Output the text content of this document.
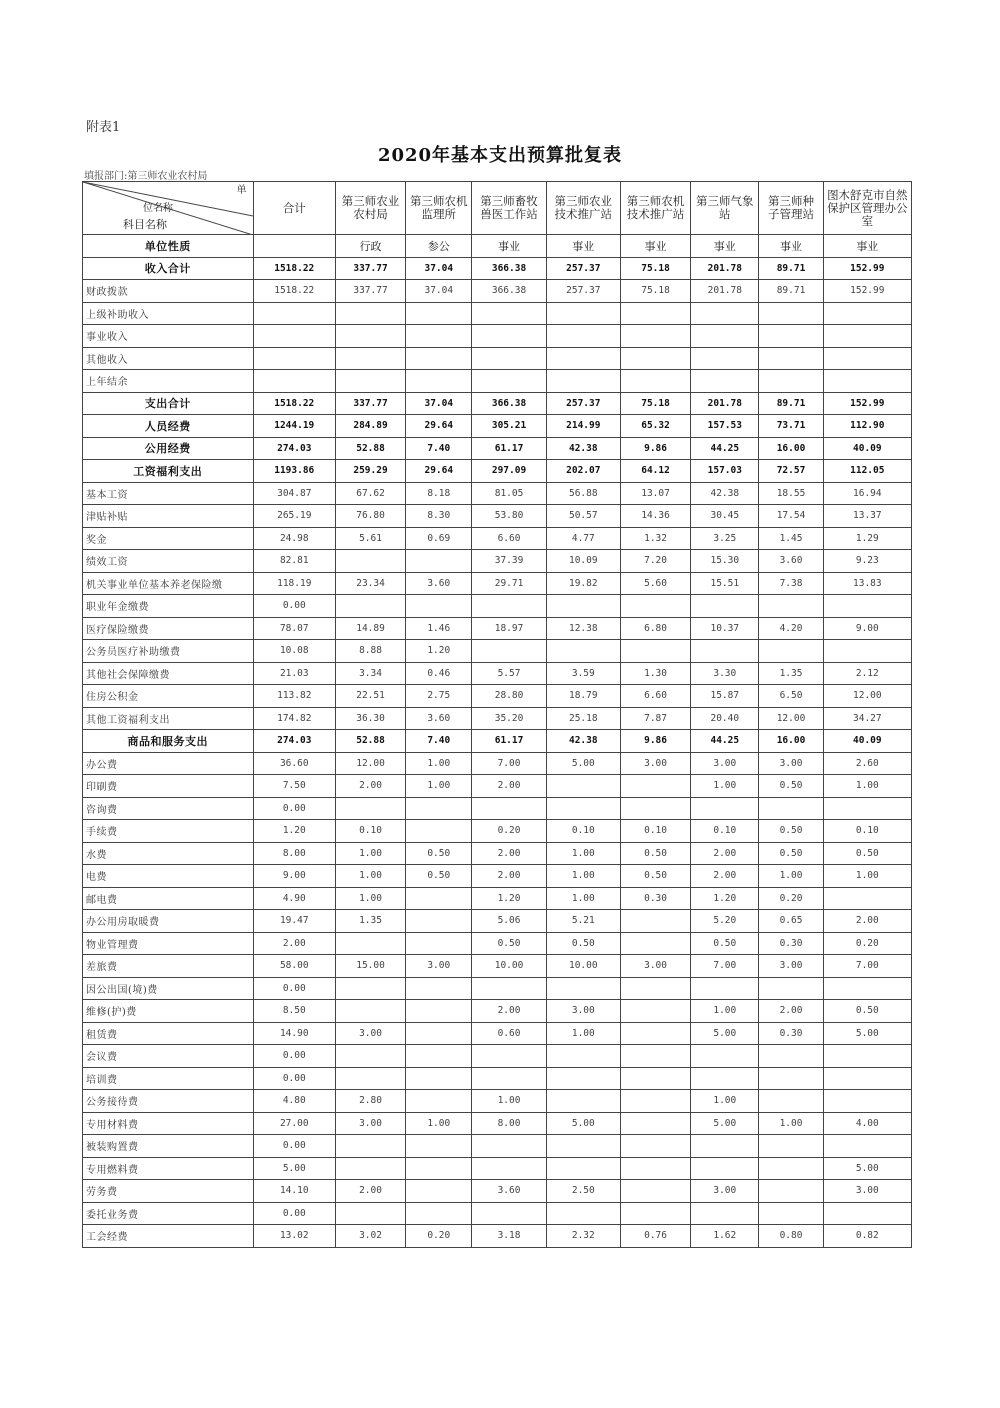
附表1
2020年基本支出预算批复表
填报部门:第三师农业农村局
单
位名称
科目名称	合计	第三师农业农村局	第三师农机监理所	第三师畜牧兽医工作站	第三师农业技术推广站	第三师农机技术推广站	第三师气象站	第三师种子管理站	图木舒克市自然保护区管理办公室
单位性质		行政	参公	事业	事业	事业	事业	事业	事业
收入合计	1518.22	337.77	37.04	366.38	257.37	75.18	201.78	89.71	152.99
财政拨款	1518.22	337.77	37.04	366.38	257.37	75.18	201.78	89.71	152.99
上级补助收入									
事业收入									
其他收入									
上年结余									
支出合计	1518.22	337.77	37.04	366.38	257.37	75.18	201.78	89.71	152.99
人员经费	1244.19	284.89	29.64	305.21	214.99	65.32	157.53	73.71	112.90
公用经费	274.03	52.88	7.40	61.17	42.38	9.86	44.25	16.00	40.09
工资福利支出	1193.86	259.29	29.64	297.09	202.07	64.12	157.03	72.57	112.05
基本工资	304.87	67.62	8.18	81.05	56.88	13.07	42.38	18.55	16.94
津贴补贴	265.19	76.80	8.30	53.80	50.57	14.36	30.45	17.54	13.37
奖金	24.98	5.61	0.69	6.60	4.77	1.32	3.25	1.45	1.29
绩效工资	82.81			37.39	10.09	7.20	15.30	3.60	9.23
机关事业单位基本养老保险缴	118.19	23.34	3.60	29.71	19.82	5.60	15.51	7.38	13.83
职业年金缴费	0.00								
医疗保险缴费	78.07	14.89	1.46	18.97	12.38	6.80	10.37	4.20	9.00
公务员医疗补助缴费	10.08	8.88	1.20						
其他社会保障缴费	21.03	3.34	0.46	5.57	3.59	1.30	3.30	1.35	2.12
住房公积金	113.82	22.51	2.75	28.80	18.79	6.60	15.87	6.50	12.00
其他工资福利支出	174.82	36.30	3.60	35.20	25.18	7.87	20.40	12.00	34.27
商品和服务支出	274.03	52.88	7.40	61.17	42.38	9.86	44.25	16.00	40.09
办公费	36.60	12.00	1.00	7.00	5.00	3.00	3.00	3.00	2.60
印刷费	7.50	2.00	1.00	2.00			1.00	0.50	1.00
咨询费	0.00								
手续费	1.20	0.10		0.20	0.10	0.10	0.10	0.50	0.10
水费	8.00	1.00	0.50	2.00	1.00	0.50	2.00	0.50	0.50
电费	9.00	1.00	0.50	2.00	1.00	0.50	2.00	1.00	1.00
邮电费	4.90	1.00		1.20	1.00	0.30	1.20	0.20	
办公用房取暖费	19.47	1.35		5.06	5.21		5.20	0.65	2.00
物业管理费	2.00			0.50	0.50		0.50	0.30	0.20
差旅费	58.00	15.00	3.00	10.00	10.00	3.00	7.00	3.00	7.00
因公出国(境)费	0.00								
维修(护)费	8.50			2.00	3.00		1.00	2.00	0.50
租赁费	14.90	3.00		0.60	1.00		5.00	0.30	5.00
会议费	0.00								
培训费	0.00								
公务接待费	4.80	2.80		1.00			1.00		
专用材料费	27.00	3.00	1.00	8.00	5.00		5.00	1.00	4.00
被装购置费	0.00								
专用燃料费	5.00								5.00
劳务费	14.10	2.00		3.60	2.50		3.00		3.00
委托业务费	0.00								
工会经费	13.02	3.02	0.20	3.18	2.32	0.76	1.62	0.80	0.82
